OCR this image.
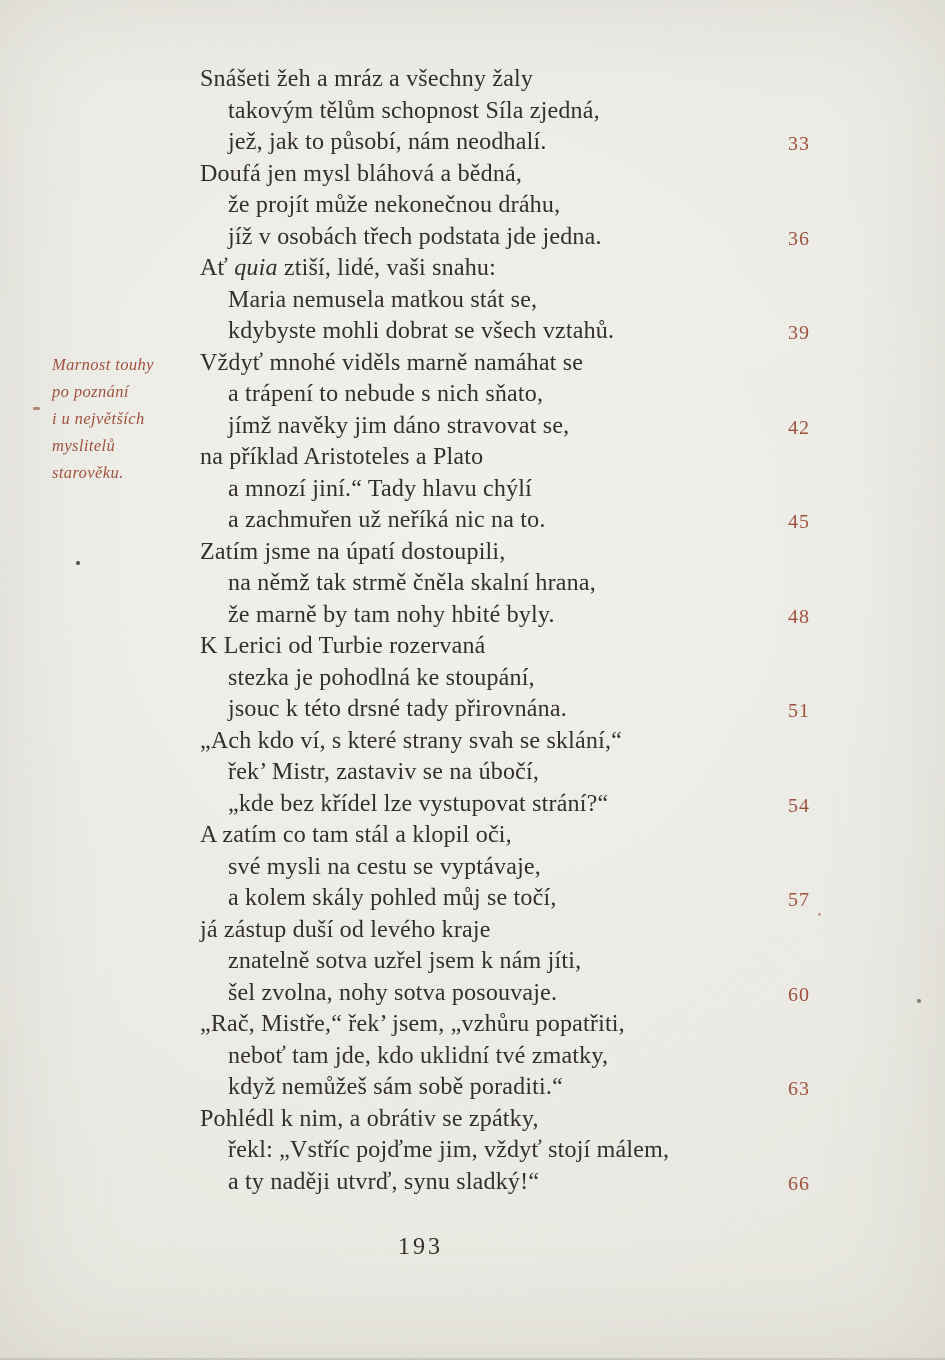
Marnost touhy
po poznání
i u největších
myslitelů
starověku.
Snášeti žeh a mráz a všechny žaly
takovým tělům schopnost Síla zjedná,
jež, jak to působí, nám neodhalí.	33
Doufá jen mysl bláhová a bědná,
že projít může nekonečnou dráhu,
jíž v osobách třech podstata jde jedna.	36
Ať quia ztiší, lidé, vaši snahu:
Maria nemusela matkou stát se,
kdybyste mohli dobrat se všech vztahů.	39
Vždyť mnohé viděls marně namáhat se
a trápení to nebude s nich sňato,
jímž navěky jim dáno stravovat se,	42
na příklad Aristoteles a Plato
a mnozí jiní.“ Tady hlavu chýlí
a zachmuřen už neříká nic na to.	45
Zatím jsme na úpatí dostoupili,
na němž tak strmě čněla skalní hrana,
že marně by tam nohy hbité byly.	48
K Lerici od Turbie rozervaná
stezka je pohodlná ke stoupání,
jsouc k této drsné tady přirovnána.	51
„Ach kdo ví, s které strany svah se sklání,“
řek’ Mistr, zastaviv se na úbočí,
„kde bez křídel lze vystupovat strání?“	54
A zatím co tam stál a klopil oči,
své mysli na cestu se vyptávaje,
a kolem skály pohled můj se točí,	57
já zástup duší od levého kraje
znatelně sotva uzřel jsem k nám jíti,
šel zvolna, nohy sotva posouvaje.	60
„Rač, Mistře,“ řek’ jsem, „vzhůru popatřiti,
neboť tam jde, kdo uklidní tvé zmatky,
když nemůžeš sám sobě poraditi.“	63
Pohlédl k nim, a obrátiv se zpátky,
řekl: „Vstříc pojďme jim, vždyť stojí málem,
a ty naději utvrď, synu sladký!“	66
193
